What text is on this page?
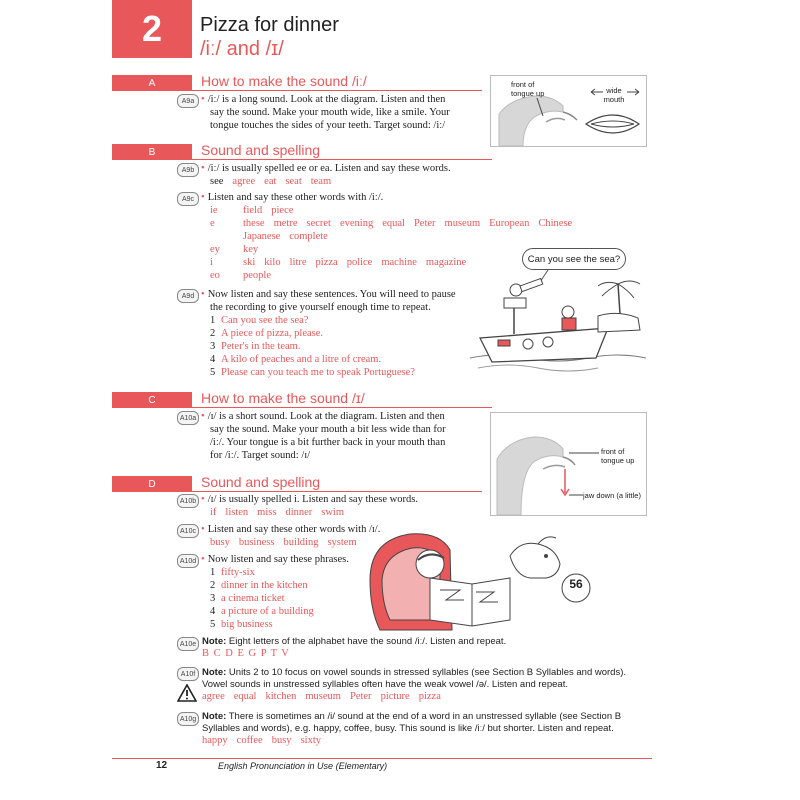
2 Pizza for dinner
/iː/ and /ɪ/
A	How to make the sound /iː/
A9a • /iː/ is a long sound. Look at the diagram. Listen and then
say the sound. Make your mouth wide, like a smile. Your
tongue touches the sides of your teeth. Target sound: /iː/
front of
tongue up	wide
mouth
B	Sound and spelling
A9b • /iː/ is usually spelled ee or ea. Listen and say these words.
see agree eat seat team
A9c • Listen and say these other words with /iː/.
ie field piece
e	these metre secret evening equal Peter museum European Chinese
Japanese complete
ey key
i	ski kilo litre pizza police machine magazine
eo people
A9d • Now listen and say these sentences. You will need to pause
the recording to give yourself enough time to repeat.
1 Can you see the sea?
2 A piece of pizza, please.
3 Peter's in the team.
4 A kilo of peaches and a litre of cream.
5 Please can you teach me to speak Portuguese?
Can you see the sea?
C	How to make the sound /ɪ/
A10a • /ɪ/ is a short sound. Look at the diagram. Listen and then
say the sound. Make your mouth a bit less wide than for
/iː/. Your tongue is a bit further back in your mouth than
for /iː/. Target sound: /ɪ/	front of
tongue up
jaw down (a little)
D	Sound and spelling
A10b • /ɪ/ is usually spelled i. Listen and say these words.
if listen miss dinner swim
A10c • Listen and say these other words with /ɪ/.
busy business building system
A10d • Now listen and say these phrases.
1 fifty-six
2 dinner in the kitchen
3 a cinema ticket
4 a picture of a building
5 big business
56
A10e Note: Eight letters of the alphabet have the sound /iː/. Listen and repeat.
B C D E G P T V
A10f Note: Units 2 to 10 focus on vowel sounds in stressed syllables (see Section B Syllables and words).
Vowel sounds in unstressed syllables often have the weak vowel /ə/. Listen and repeat.
agree equal kitchen museum Peter picture pizza
A10g Note: There is sometimes an /i/ sound at the end of a word in an unstressed syllable (see Section B
Syllables and words), e.g. happy, coffee, busy. This sound is like /iː/ but shorter. Listen and repeat.
happy coffee busy sixty
12	English Pronunciation in Use (Elementary)
